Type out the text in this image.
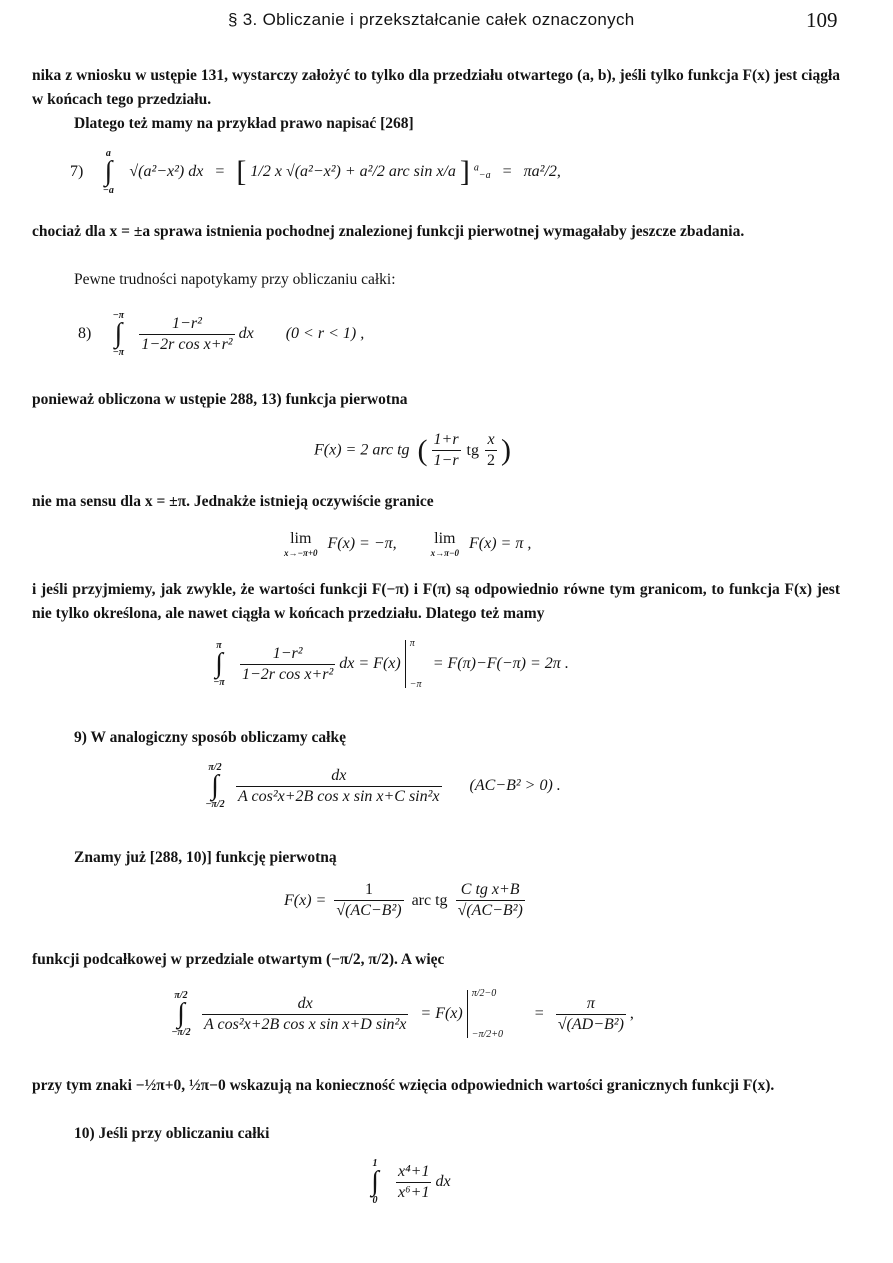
§ 3. Obliczanie i przekształcanie całek oznaczonych	109
nika z wniosku w ustępie 131, wystarczy założyć to tylko dla przedziału otwartego (a, b), jeśli tylko funkcja F(x) jest ciągła w końcach tego przedziału.
Dlatego też mamy na przykład prawo napisać [268]
7)
a
∫
−a
√(a²−x²) dx = [ 1/2 x √(a²−x²) + a²/2 arc sin x/a ] $^a_{-a}$ = πa²/2,
chociaż dla x = ±a sprawa istnienia pochodnej znalezionej funkcji pierwotnej wymagałaby jeszcze zbadania.
Pewne trudności napotykamy przy obliczaniu całki:
8)
−π
∫
−π
$\frac{\text{1−r²}}{\text{1−2r cos x+r²}}$ dx (0 < r < 1) ,
ponieważ obliczona w ustępie 288, 13) funkcja pierwotna
F(x) = 2 arc tg ( $\frac{1+r}{1-r}$ tg $\frac{x}{2}$ )
nie ma sensu dla x = ±π. Jednakże istnieją oczywiście granice
lim
x→−π+0
F(x) = −π, lim
x→π−0
F(x) = π ,
i jeśli przyjmiemy, jak zwykle, że wartości funkcji F(−π) i F(π) są odpowiednio równe tym granicom, to funkcja F(x) jest nie tylko określona, ale nawet ciągła w końcach przedziału. Dlatego też mamy
π
∫
−π
$\frac{\text{1−r²}}{\text{1−2r cos x+r²}}$ dx = F(x)
π
−π
= F(π)−F(−π) = 2π .
9) W analogiczny sposób obliczamy całkę
π/2
∫
−π/2
$\frac{dx}{\text{A cos²x+2B cos x sin x+C sin²x}} (AC-B^2 > 0)$ .
Znamy już [288, 10)] funkcję pierwotną
$F(x) = \frac{1}{\text{√(AC−B²)}}$ arc tg $\frac{\text{C tg x+B}}{\text{√(AC−B²)}}$
funkcji podcałkowej w przedziale otwartym (−π/2, π/2). A więc
π/2
∫
−π/2
$\frac{dx}{\text{A cos²x+2B cos x sin x+D sin²x}} = F(x)$
π/2−0
−π/2+0
= $\frac{\pi}{\text{√(AD−B²)}}$ ,
przy tym znaki −½π+0, ½π−0 wskazują na konieczność wzięcia odpowiednich wartości granicznych funkcji F(x).
10) Jeśli przy obliczaniu całki
1
∫
0
	$\frac{\text{x⁴+1}}{\text{x⁶+1}}$ dx
